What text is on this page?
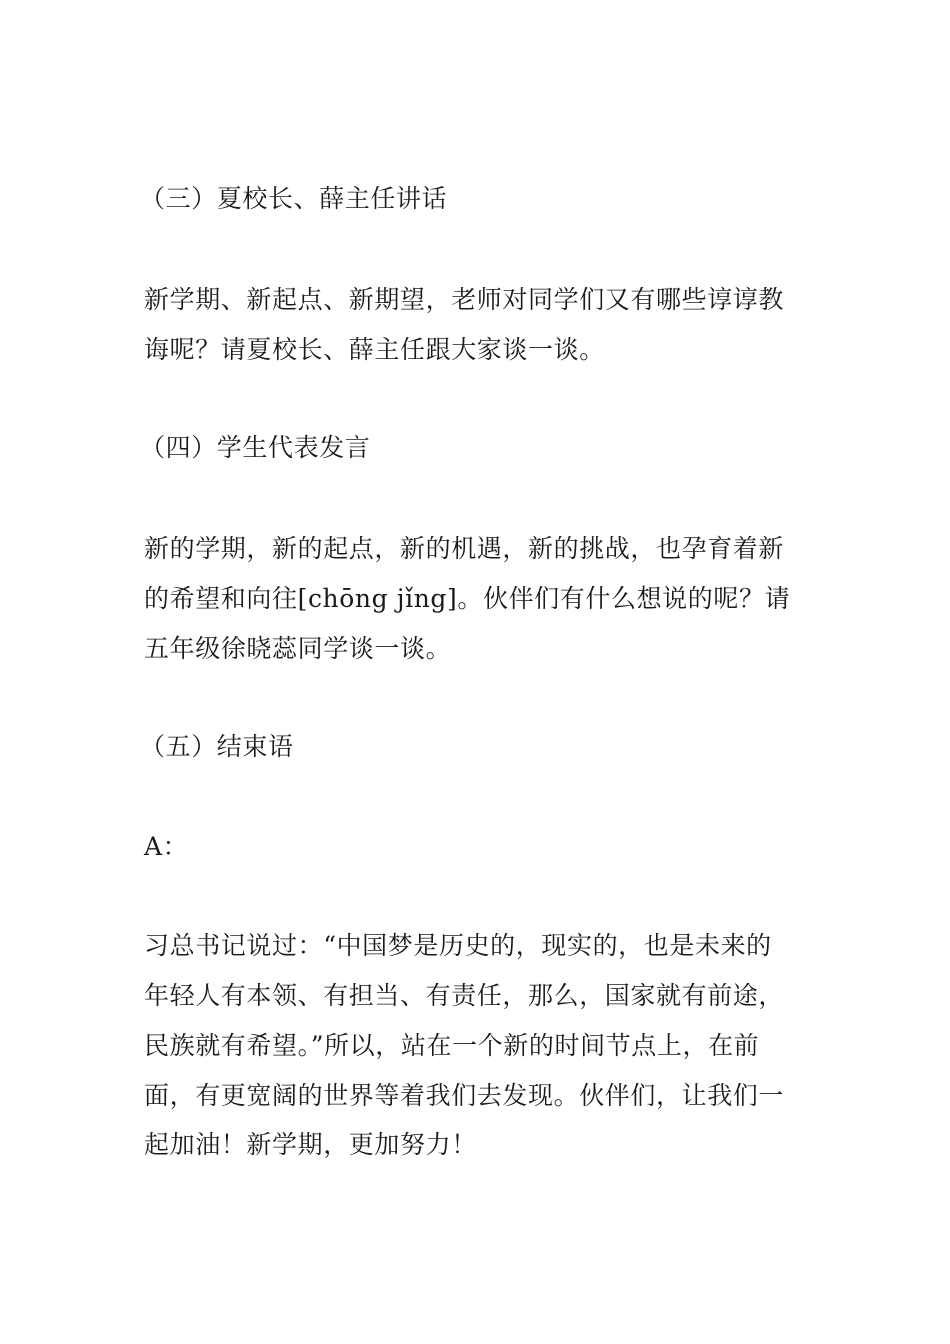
（三）夏校长、薛主任讲话
新学期、新起点、新期望，老师对同学们又有哪些谆谆教
诲呢？请夏校长、薛主任跟大家谈一谈。
（四）学生代表发言
新的学期，新的起点，新的机遇，新的挑战，也孕育着新
的希望和向往[chōng jǐng]。伙伴们有什么想说的呢？请
五年级徐晓蕊同学谈一谈。
（五）结束语
A：
习总书记说过：“中国梦是历史的，现实的，也是未来的
年轻人有本领、有担当、有责任，那么，国家就有前途，
民族就有希望。”所以，站在一个新的时间节点上，在前
面，有更宽阔的世界等着我们去发现。伙伴们，让我们一
起加油！新学期，更加努力！
